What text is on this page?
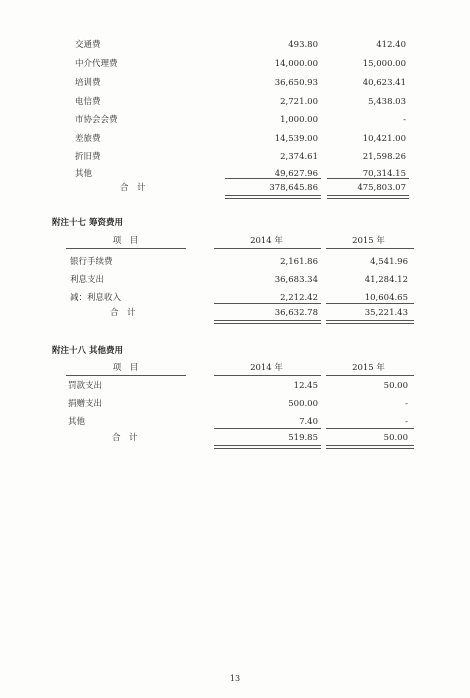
交通费	493.80	412.40
中介代理费	14,000.00	15,000.00
培训费	36,650.93	40,623.41
电信费	2,721.00	5,438.03
市协会会费	1,000.00	-
差旅费	14,539.00	10,421.00
折旧费	2,374.61	21,598.26
其他	49,627.96	70,314.15
合　计	378,645.86	475,803.07
附注十七 筹资费用
项　目	2014 年	2015 年
银行手续费	2,161.86	4,541.96
利息支出	36,683.34	41,284.12
减：利息收入	2,212.42	10,604.65
合　计	36,632.78	35,221.43
附注十八 其他费用
项　目	2014 年	2015 年
罚款支出	12.45	50.00
捐赠支出	500.00	-
其他	7.40	-
合　计	519.85	50.00
13
